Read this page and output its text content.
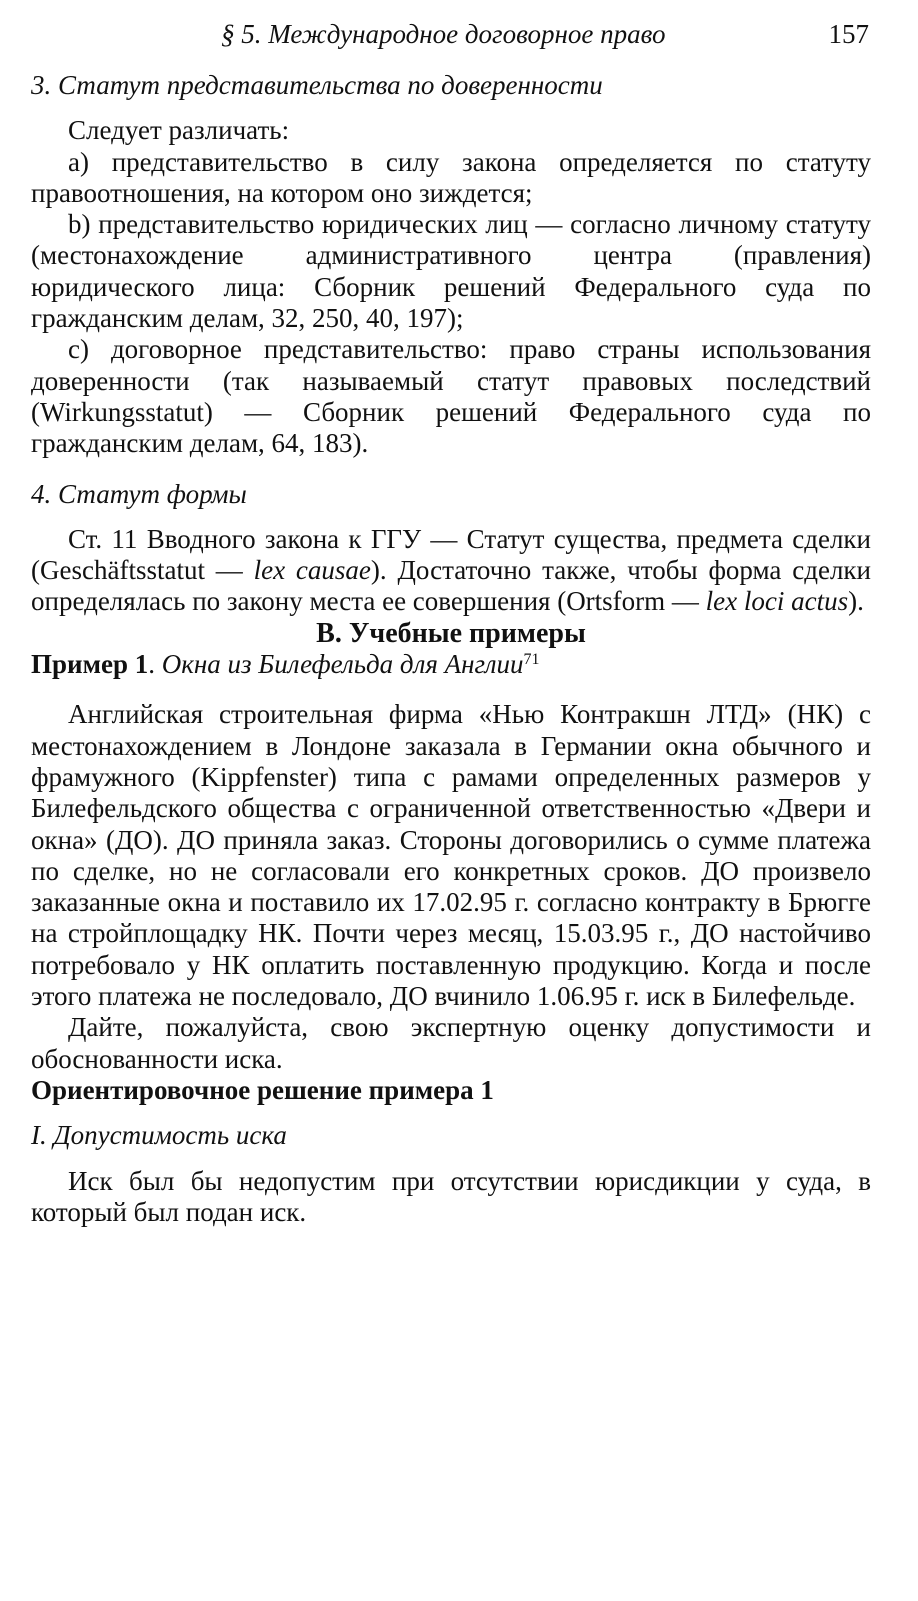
§ 5. Международное договорное право	157

3. Статут представительства по доверенности

Следует различать:

a) представительство в силу закона определяется по статуту правоотношения, на котором оно зиждется;

b) представительство юридических лиц — согласно личному статуту (местонахождение административного центра (правления) юридического лица: Сборник решений Федерального суда по гражданским делам, 32, 250, 40, 197);

c) договорное представительство: право страны использования доверенности (так называемый статут правовых последствий (Wirkungsstatut) — Сборник решений Федерального суда по гражданским делам, 64, 183).

4. Статут формы

Ст. 11 Вводного закона к ГГУ — Статут существа, предмета сделки (Geschäftsstatut — lex causae). Достаточно также, чтобы форма сделки определялась по закону места ее совершения (Ortsform — lex loci actus).

B. Учебные примеры

Пример 1. Окна из Билефельда для Англии$^{71}$

Английская строительная фирма «Нью Контракшн ЛТД» (НК) с местонахождением в Лондоне заказала в Германии окна обычного и фрамужного (Kippfenster) типа с рамами определенных размеров у Билефельдского общества с ограниченной ответственностью «Двери и окна» (ДО). ДО приняла заказ. Стороны договорились о сумме платежа по сделке, но не согласовали его конкретных сроков. ДО произвело заказанные окна и поставило их 17.02.95 г. согласно контракту в Брюгге на стройплощадку НК. Почти через месяц, 15.03.95 г., ДО настойчиво потребовало у НК оплатить поставленную продукцию. Когда и после этого платежа не последовало, ДО вчинило 1.06.95 г. иск в Билефельде.

Дайте, пожалуйста, свою экспертную оценку допустимости и обоснованности иска.

Ориентировочное решение примера 1

I. Допустимость иска

Иск был бы недопустим при отсутствии юрисдикции у суда, в который был подан иск.
